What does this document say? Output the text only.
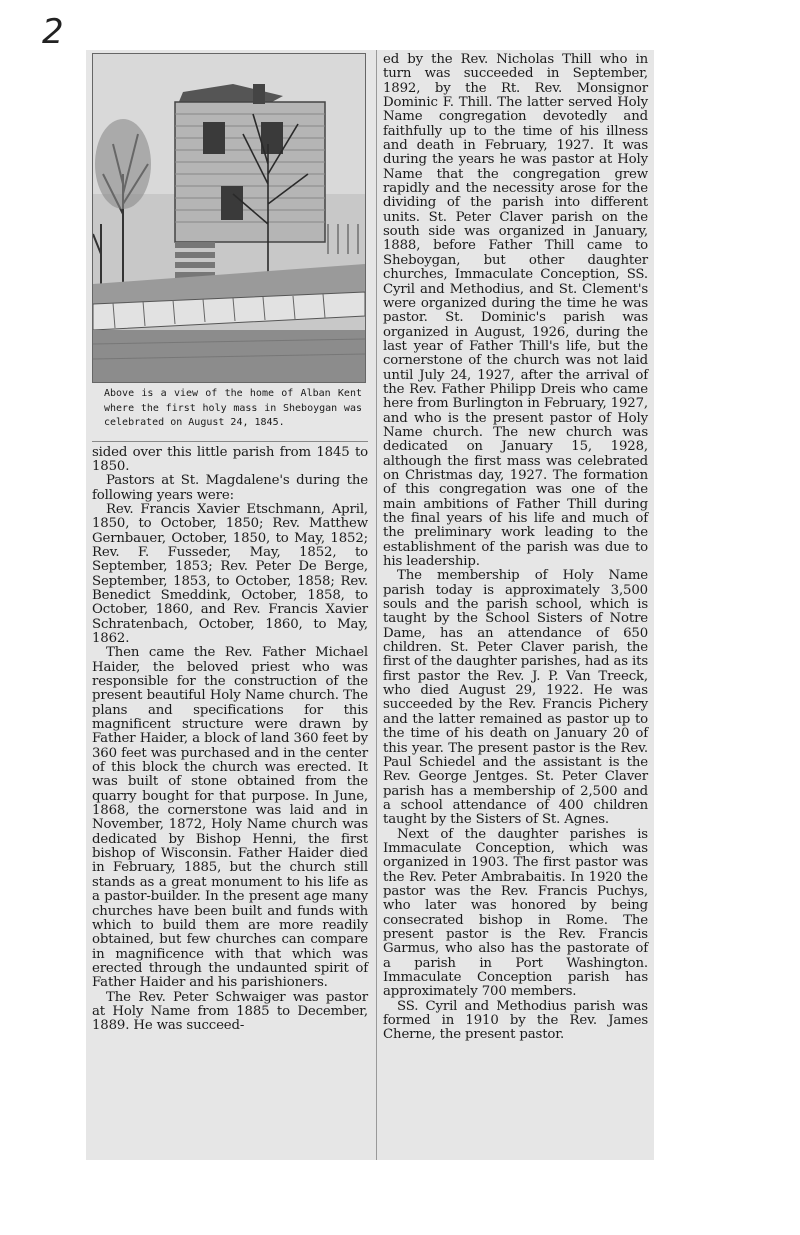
2
Above is a view of the home of Alban Kent where the first holy mass in Sheboygan was celebrated on August 24, 1845.

sided over this little parish from 1845 to 1850.

Pastors at St. Magdalene's during the following years were:

Rev. Francis Xavier Etschmann, April, 1850, to October, 1850; Rev. Matthew Gernbauer, October, 1850, to May, 1852; Rev. F. Fusseder, May, 1852, to September, 1853; Rev. Peter De Berge, September, 1853, to October, 1858; Rev. Benedict Smeddink, October, 1858, to October, 1860, and Rev. Francis Xavier Schratenbach, October, 1860, to May, 1862.

Then came the Rev. Father Michael Haider, the beloved priest who was responsible for the construction of the present beautiful Holy Name church. The plans and specifications for this magnificent structure were drawn by Father Haider, a block of land 360 feet by 360 feet was purchased and in the center of this block the church was erected. It was built of stone obtained from the quarry bought for that purpose. In June, 1868, the cornerstone was laid and in November, 1872, Holy Name church was dedicated by Bishop Henni, the first bishop of Wisconsin. Father Haider died in February, 1885, but the church still stands as a great monument to his life as a pastor-builder. In the present age many churches have been built and funds with which to build them are more readily obtained, but few churches can compare in magnificence with that which was erected through the undaunted spirit of Father Haider and his parishioners.

The Rev. Peter Schwaiger was pastor at Holy Name from 1885 to December, 1889. He was succeed-

ed by the Rev. Nicholas Thill who in turn was succeeded in September, 1892, by the Rt. Rev. Monsignor Dominic F. Thill. The latter served Holy Name congregation devotedly and faithfully up to the time of his illness and death in February, 1927. It was during the years he was pastor at Holy Name that the congregation grew rapidly and the necessity arose for the dividing of the parish into different units. St. Peter Claver parish on the south side was organized in January, 1888, before Father Thill came to Sheboygan, but other daughter churches, Immaculate Conception, SS. Cyril and Methodius, and St. Clement's were organized during the time he was pastor. St. Dominic's parish was organized in August, 1926, during the last year of Father Thill's life, but the cornerstone of the church was not laid until July 24, 1927, after the arrival of the Rev. Father Philipp Dreis who came here from Burlington in February, 1927, and who is the present pastor of Holy Name church. The new church was dedicated on January 15, 1928, although the first mass was celebrated on Christmas day, 1927. The formation of this congregation was one of the main ambitions of Father Thill during the final years of his life and much of the preliminary work leading to the establishment of the parish was due to his leadership.

The membership of Holy Name parish today is approximately 3,500 souls and the parish school, which is taught by the School Sisters of Notre Dame, has an attendance of 650 children. St. Peter Claver parish, the first of the daughter parishes, had as its first pastor the Rev. J. P. Van Treeck, who died August 29, 1922. He was succeeded by the Rev. Francis Pichery and the latter remained as pastor up to the time of his death on January 20 of this year. The present pastor is the Rev. Paul Schiedel and the assistant is the Rev. George Jentges. St. Peter Claver parish has a membership of 2,500 and a school attendance of 400 children taught by the Sisters of St. Agnes.

Next of the daughter parishes is Immaculate Conception, which was organized in 1903. The first pastor was the Rev. Peter Ambrabaitis. In 1920 the pastor was the Rev. Francis Puchys, who later was honored by being consecrated bishop in Rome. The present pastor is the Rev. Francis Garmus, who also has the pastorate of a parish in Port Washington. Immaculate Conception parish has approximately 700 members.

SS. Cyril and Methodius parish was formed in 1910 by the Rev. James Cherne, the present pastor.
